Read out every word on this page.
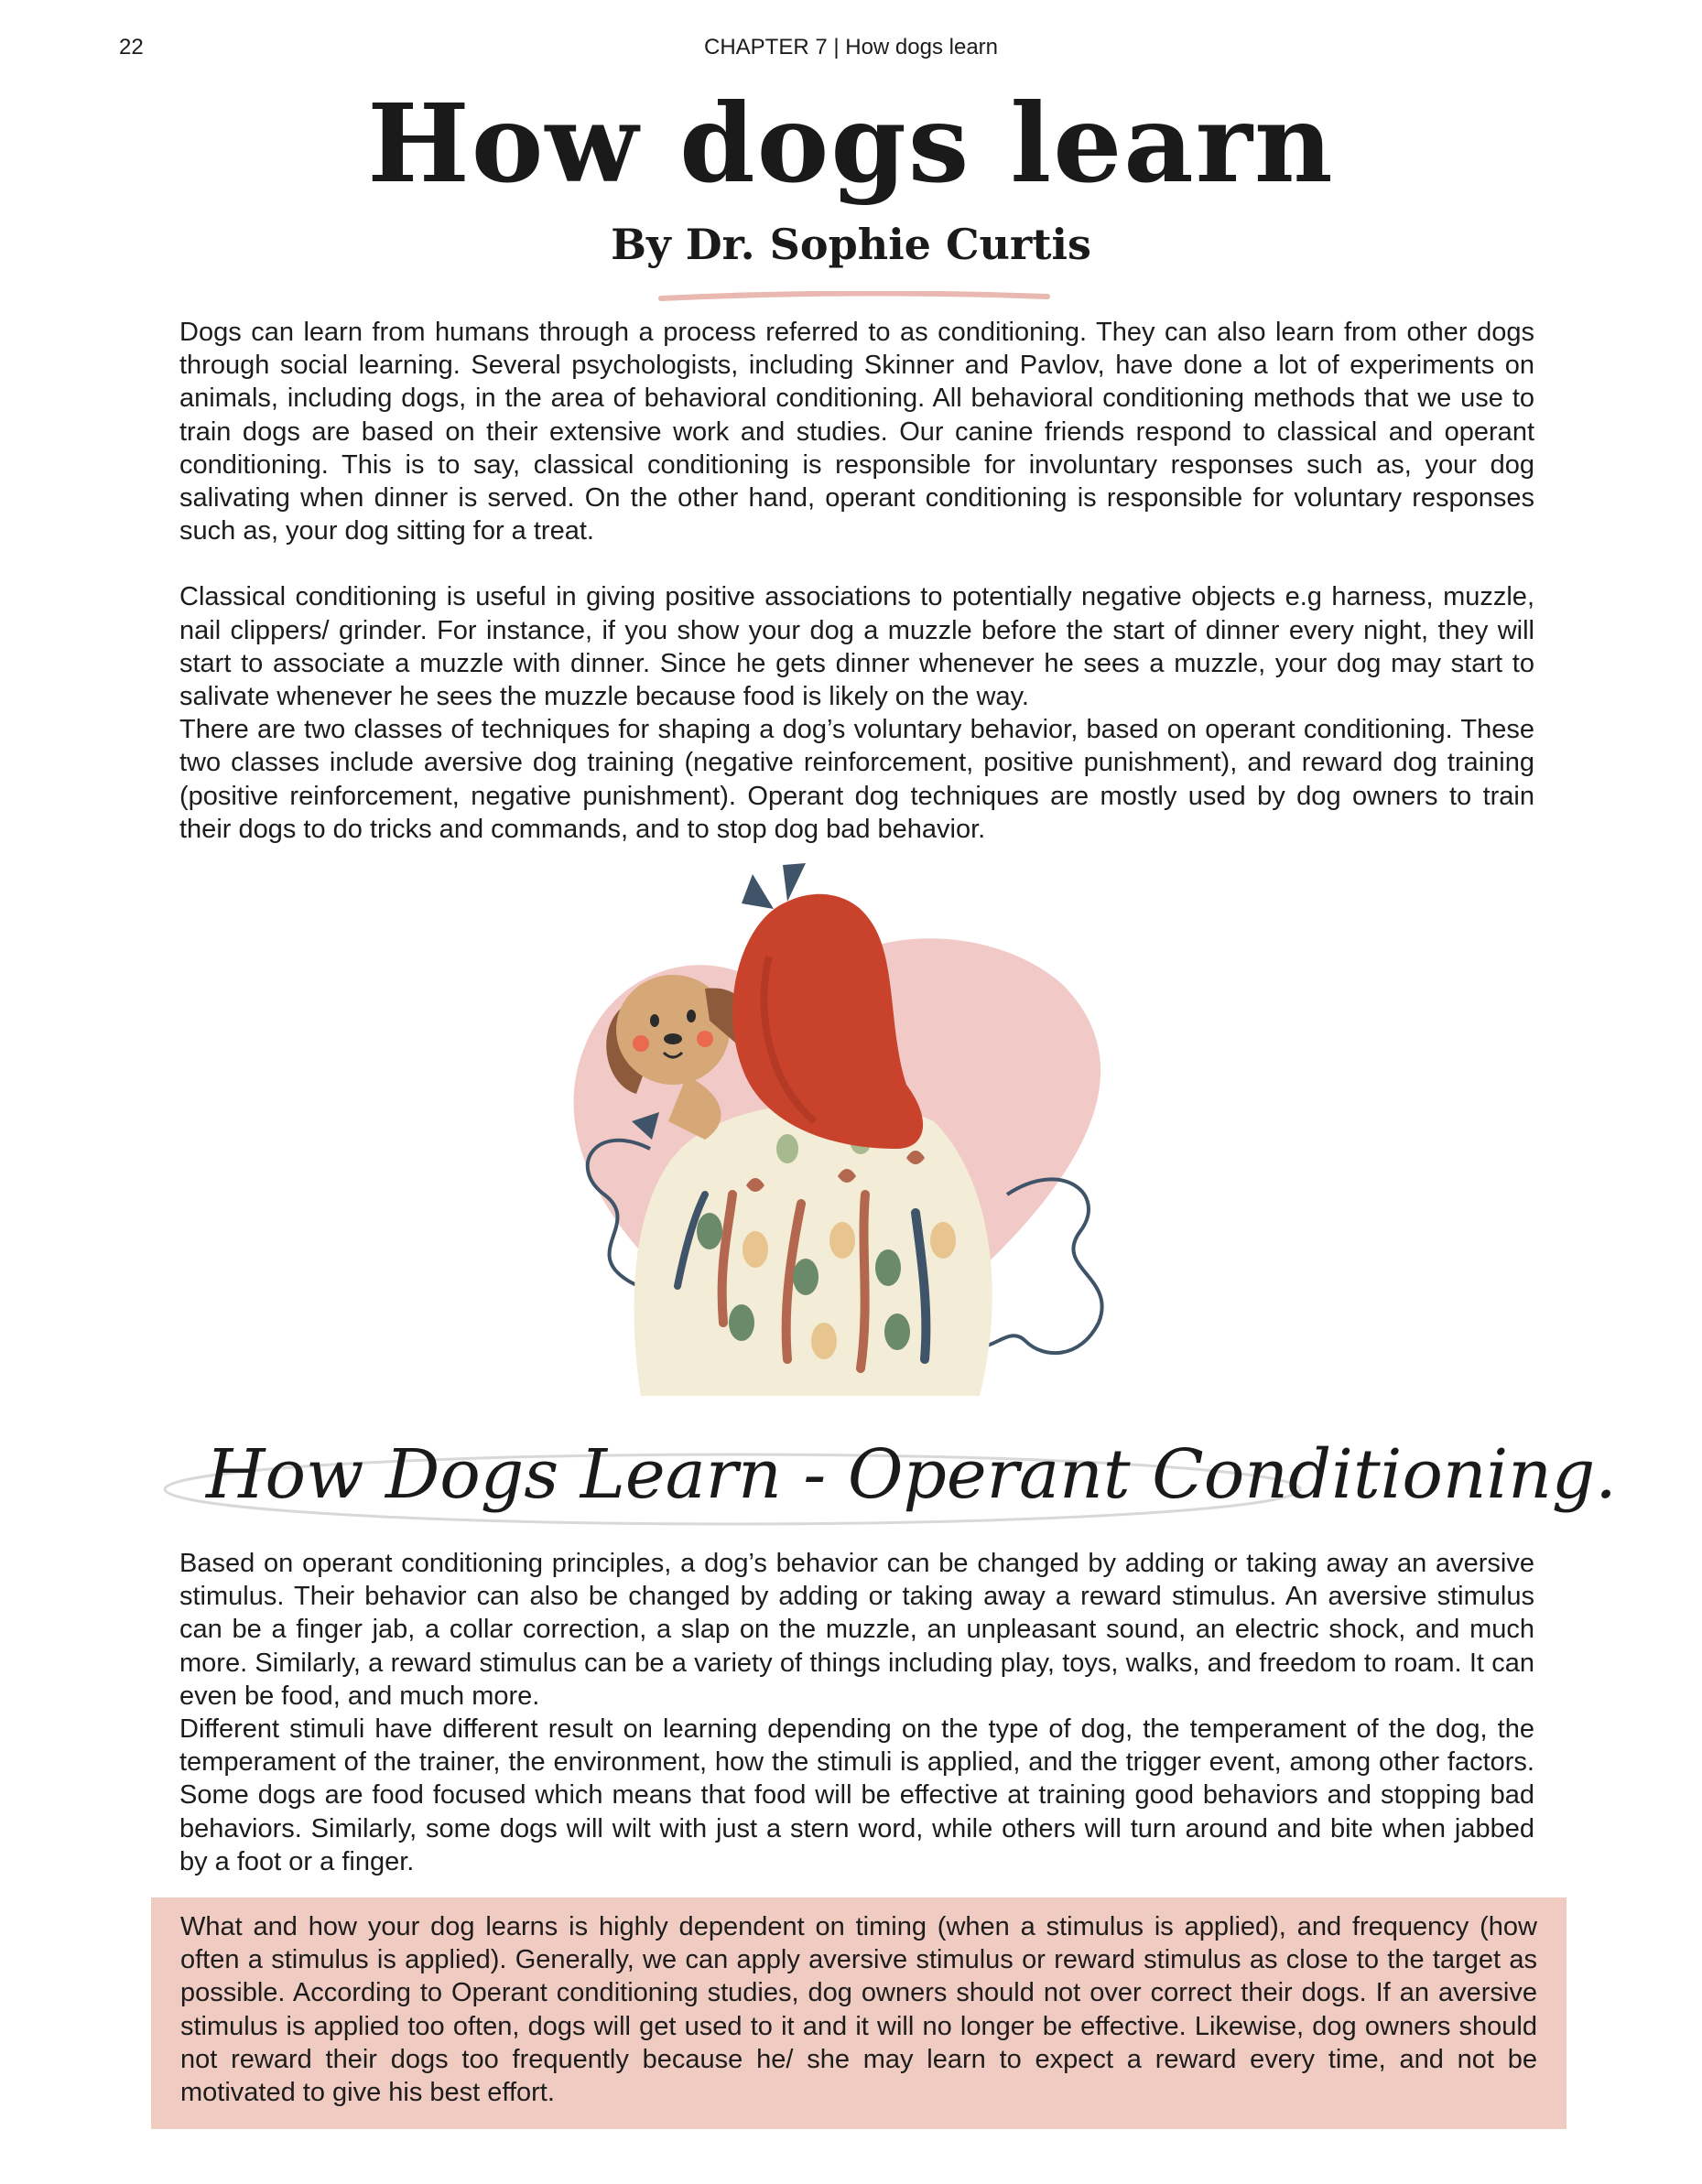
22	CHAPTER 7 | How dogs learn
How dogs learn
By Dr. Sophie Curtis

Dogs can learn from humans through a process referred to as conditioning. They can also learn from other dogs through social learning. Several psychologists, including Skinner and Pavlov, have done a lot of experiments on animals, including dogs, in the area of behavioral conditioning. All behavioral conditioning methods that we use to train dogs are based on their extensive work and studies. Our canine friends respond to classical and operant conditioning. This is to say, classical conditioning is responsible for involuntary responses such as, your dog salivating when dinner is served. On the other hand, operant conditioning is responsible for voluntary responses such as, your dog sitting for a treat.

Classical conditioning is useful in giving positive associations to potentially negative objects e.g harness, muzzle, nail clippers/ grinder. For instance, if you show your dog a muzzle before the start of dinner every night, they will start to associate a muzzle with dinner. Since he gets dinner whenever he sees a muzzle, your dog may start to salivate whenever he sees the muzzle because food is likely on the way.

There are two classes of techniques for shaping a dog’s voluntary behavior, based on operant conditioning. These two classes include aversive dog training (negative reinforcement, positive punishment), and reward dog training (positive reinforcement, negative punishment). Operant dog techniques are mostly used by dog owners to train their dogs to do tricks and commands, and to stop dog bad behavior.

How Dogs Learn - Operant Conditioning.

Based on operant conditioning principles, a dog’s behavior can be changed by adding or taking away an aversive stimulus. Their behavior can also be changed by adding or taking away a reward stimulus. An aversive stimulus can be a finger jab, a collar correction, a slap on the muzzle, an unpleasant sound, an electric shock, and much more. Similarly, a reward stimulus can be a variety of things including play, toys, walks, and freedom to roam. It can even be food, and much more.

Different stimuli have different result on learning depending on the type of dog, the temperament of the dog, the temperament of the trainer, the environment, how the stimuli is applied, and the trigger event, among other factors. Some dogs are food focused which means that food will be effective at training good behaviors and stopping bad behaviors. Similarly, some dogs will wilt with just a stern word, while others will turn around and bite when jabbed by a foot or a finger.

What and how your dog learns is highly dependent on timing (when a stimulus is applied), and frequency (how often a stimulus is applied). Generally, we can apply aversive stimulus or reward stimulus as close to the target as possible. According to Operant conditioning studies, dog owners should not over correct their dogs. If an aversive stimulus is applied too often, dogs will get used to it and it will no longer be effective. Likewise, dog owners should not reward their dogs too frequently because he/ she may learn to expect a reward every time, and not be motivated to give his best effort.
